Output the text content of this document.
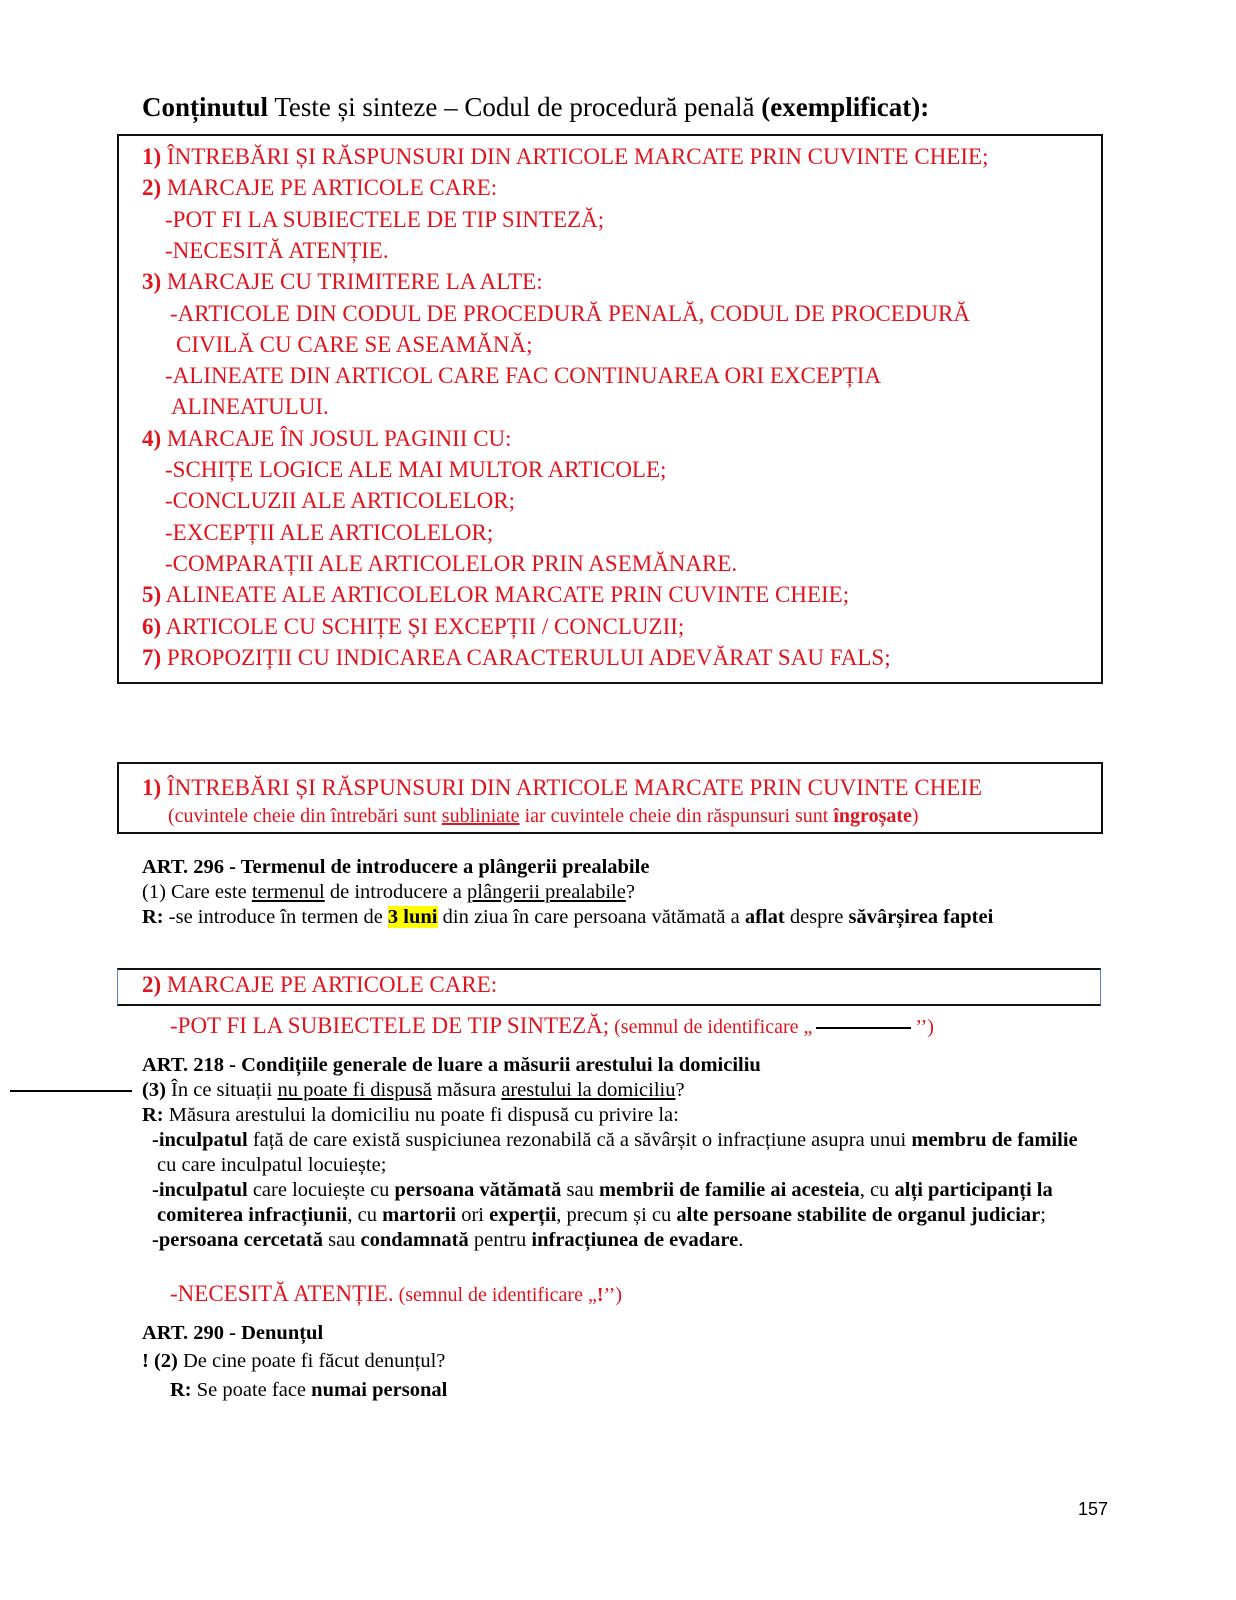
Conținutul Teste și sinteze – Codul de procedură penală (exemplificat):
1) ÎNTREBĂRI ȘI RĂSPUNSURI DIN ARTICOLE MARCATE PRIN CUVINTE CHEIE;
2) MARCAJE PE ARTICOLE CARE:
-POT FI LA SUBIECTELE DE TIP SINTEZĂ;
-NECESITĂ ATENȚIE.
3) MARCAJE CU TRIMITERE LA ALTE:
-ARTICOLE DIN CODUL DE PROCEDURĂ PENALĂ, CODUL DE PROCEDURĂ
CIVILĂ CU CARE SE ASEAMĂNĂ;
-ALINEATE DIN ARTICOL CARE FAC CONTINUAREA ORI EXCEPȚIA
ALINEATULUI.
4) MARCAJE ÎN JOSUL PAGINII CU:
-SCHIȚE LOGICE ALE MAI MULTOR ARTICOLE;
-CONCLUZII ALE ARTICOLELOR;
-EXCEPȚII ALE ARTICOLELOR;
-COMPARAȚII ALE ARTICOLELOR PRIN ASEMĂNARE.
5) ALINEATE ALE ARTICOLELOR MARCATE PRIN CUVINTE CHEIE;
6) ARTICOLE CU SCHIȚE ȘI EXCEPȚII / CONCLUZII;
7) PROPOZIȚII CU INDICAREA CARACTERULUI ADEVĂRAT SAU FALS;
1) ÎNTREBĂRI ȘI RĂSPUNSURI DIN ARTICOLE MARCATE PRIN CUVINTE CHEIE
(cuvintele cheie din întrebări sunt subliniate iar cuvintele cheie din răspunsuri sunt îngroșate)
ART. 296 - Termenul de introducere a plângerii prealabile
(1) Care este termenul de introducere a plângerii prealabile?
R: -se introduce în termen de 3 luni din ziua în care persoana vătămată a aflat despre săvârșirea faptei
2) MARCAJE PE ARTICOLE CARE:
-POT FI LA SUBIECTELE DE TIP SINTEZĂ; (semnul de identificare „	’’)
ART. 218 - Condițiile generale de luare a măsurii arestului la domiciliu
(3) În ce situații nu poate fi dispusă măsura arestului la domiciliu?
R: Măsura arestului la domiciliu nu poate fi dispusă cu privire la:
-inculpatul față de care există suspiciunea rezonabilă că a săvârșit o infracțiune asupra unui membru de familie
cu care inculpatul locuiește;
-inculpatul care locuiește cu persoana vătămată sau membrii de familie ai acesteia, cu alți participanți la
comiterea infracțiunii, cu martorii ori experții, precum și cu alte persoane stabilite de organul judiciar;
-persoana cercetată sau condamnată pentru infracțiunea de evadare.
-NECESITĂ ATENȚIE. (semnul de identificare „!’’)
ART. 290 - Denunțul
! (2) De cine poate fi făcut denunțul?
R: Se poate face numai personal
157
